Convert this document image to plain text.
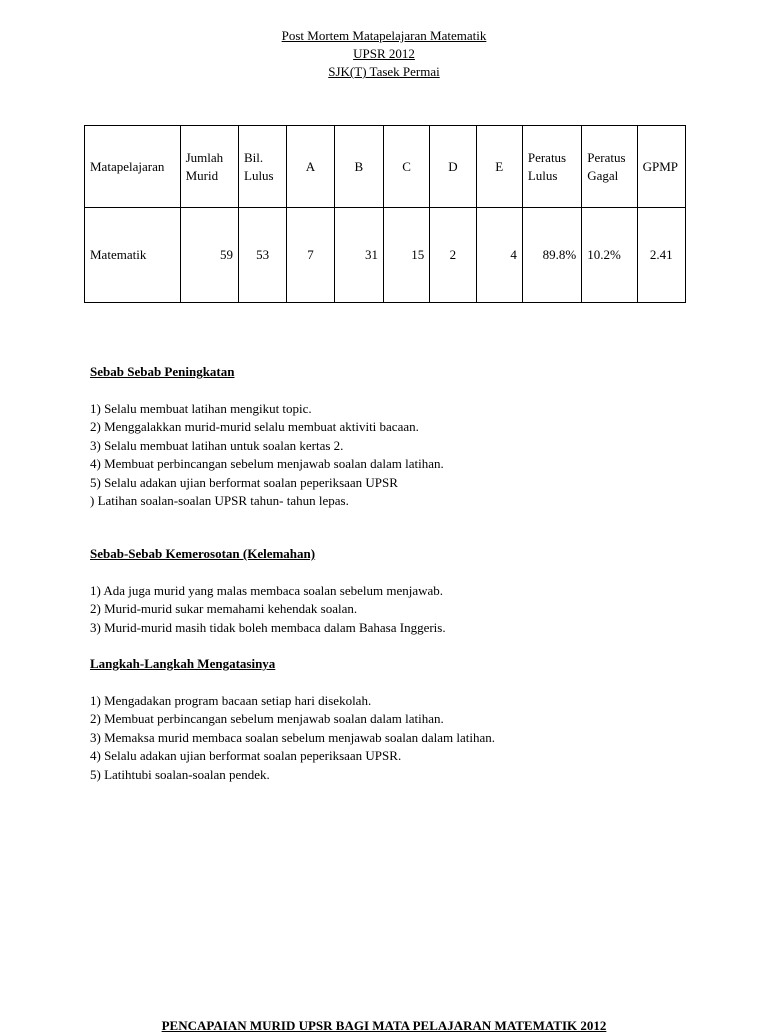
Post Mortem Matapelajaran Matematik
UPSR 2012
SJK(T) Tasek Permai
Matapelajaran	Jumlah Murid	Bil. Lulus	A	B	C	D	E	Peratus Lulus	Peratus Gagal	GPMP
Matematik	59	53	7	31	15	2	4	89.8%	10.2%	2.41
Sebab Sebab Peningkatan
1) Selalu membuat latihan mengikut topic.
2) Menggalakkan murid-murid selalu membuat aktiviti bacaan.
3) Selalu membuat latihan untuk soalan kertas 2.
4) Membuat perbincangan sebelum menjawab soalan dalam latihan.
5) Selalu adakan ujian berformat soalan peperiksaan UPSR
) Latihan soalan-soalan UPSR tahun- tahun lepas.
Sebab-Sebab Kemerosotan (Kelemahan)
1) Ada juga murid yang malas membaca soalan sebelum menjawab.
2) Murid-murid sukar memahami kehendak soalan.
3) Murid-murid masih tidak boleh membaca dalam Bahasa Inggeris.
Langkah-Langkah Mengatasinya
1) Mengadakan program bacaan setiap hari disekolah.
2) Membuat perbincangan sebelum menjawab soalan dalam latihan.
3) Memaksa murid membaca soalan sebelum menjawab soalan dalam latihan.
4) Selalu adakan ujian berformat soalan peperiksaan UPSR.
5) Latihtubi soalan-soalan pendek.
PENCAPAIAN MURID UPSR BAGI MATA PELAJARAN MATEMATIK 2012
